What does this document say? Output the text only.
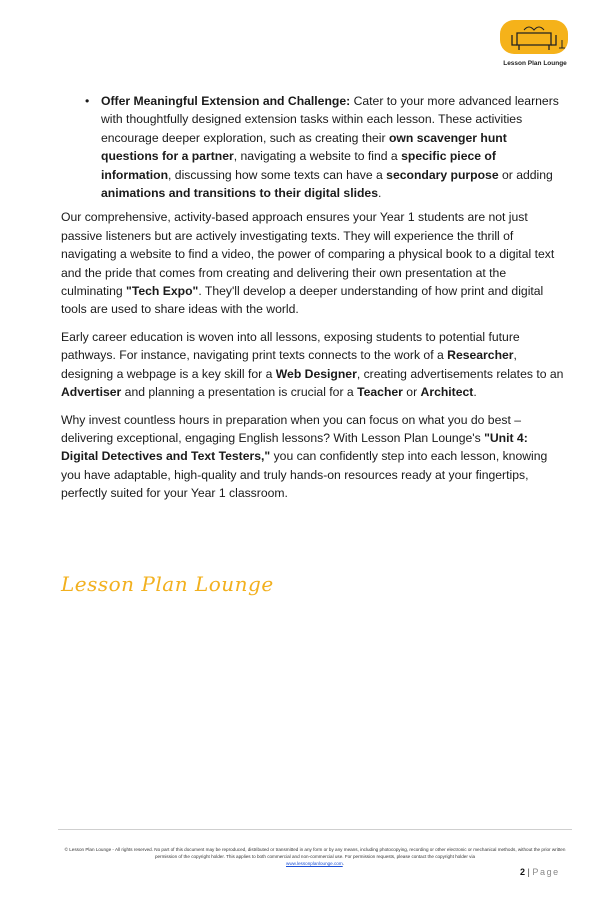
Lesson Plan Lounge
• Offer Meaningful Extension and Challenge: Cater to your more advanced learners with thoughtfully designed extension tasks within each lesson. These activities encourage deeper exploration, such as creating their own scavenger hunt questions for a partner, navigating a website to find a specific piece of information, discussing how some texts can have a secondary purpose or adding animations and transitions to their digital slides.

Our comprehensive, activity-based approach ensures your Year 1 students are not just passive listeners but are actively investigating texts. They will experience the thrill of navigating a website to find a video, the power of comparing a physical book to a digital text and the pride that comes from creating and delivering their own presentation at the culminating "Tech Expo". They'll develop a deeper understanding of how print and digital tools are used to share ideas with the world.

Early career education is woven into all lessons, exposing students to potential future pathways. For instance, navigating print texts connects to the work of a Researcher, designing a webpage is a key skill for a Web Designer, creating advertisements relates to an Advertiser and planning a presentation is crucial for a Teacher or Architect.

Why invest countless hours in preparation when you can focus on what you do best – delivering exceptional, engaging English lessons? With Lesson Plan Lounge's "Unit 4: Digital Detectives and Text Testers," you can confidently step into each lesson, knowing you have adaptable, high-quality and truly hands-on resources ready at your fingertips, perfectly suited for your Year 1 classroom.

Lesson Plan Lounge
© Lesson Plan Lounge - All rights reserved. No part of this document may be reproduced, distributed or transmitted in any form or by any means, including photocopying, recording or other electronic or mechanical methods, without the prior written permission of the copyright holder. This applies to both commercial and non-commercial use. For permission requests, please contact the copyright holder via
www.lessonplanlounge.com.
2 | Page
